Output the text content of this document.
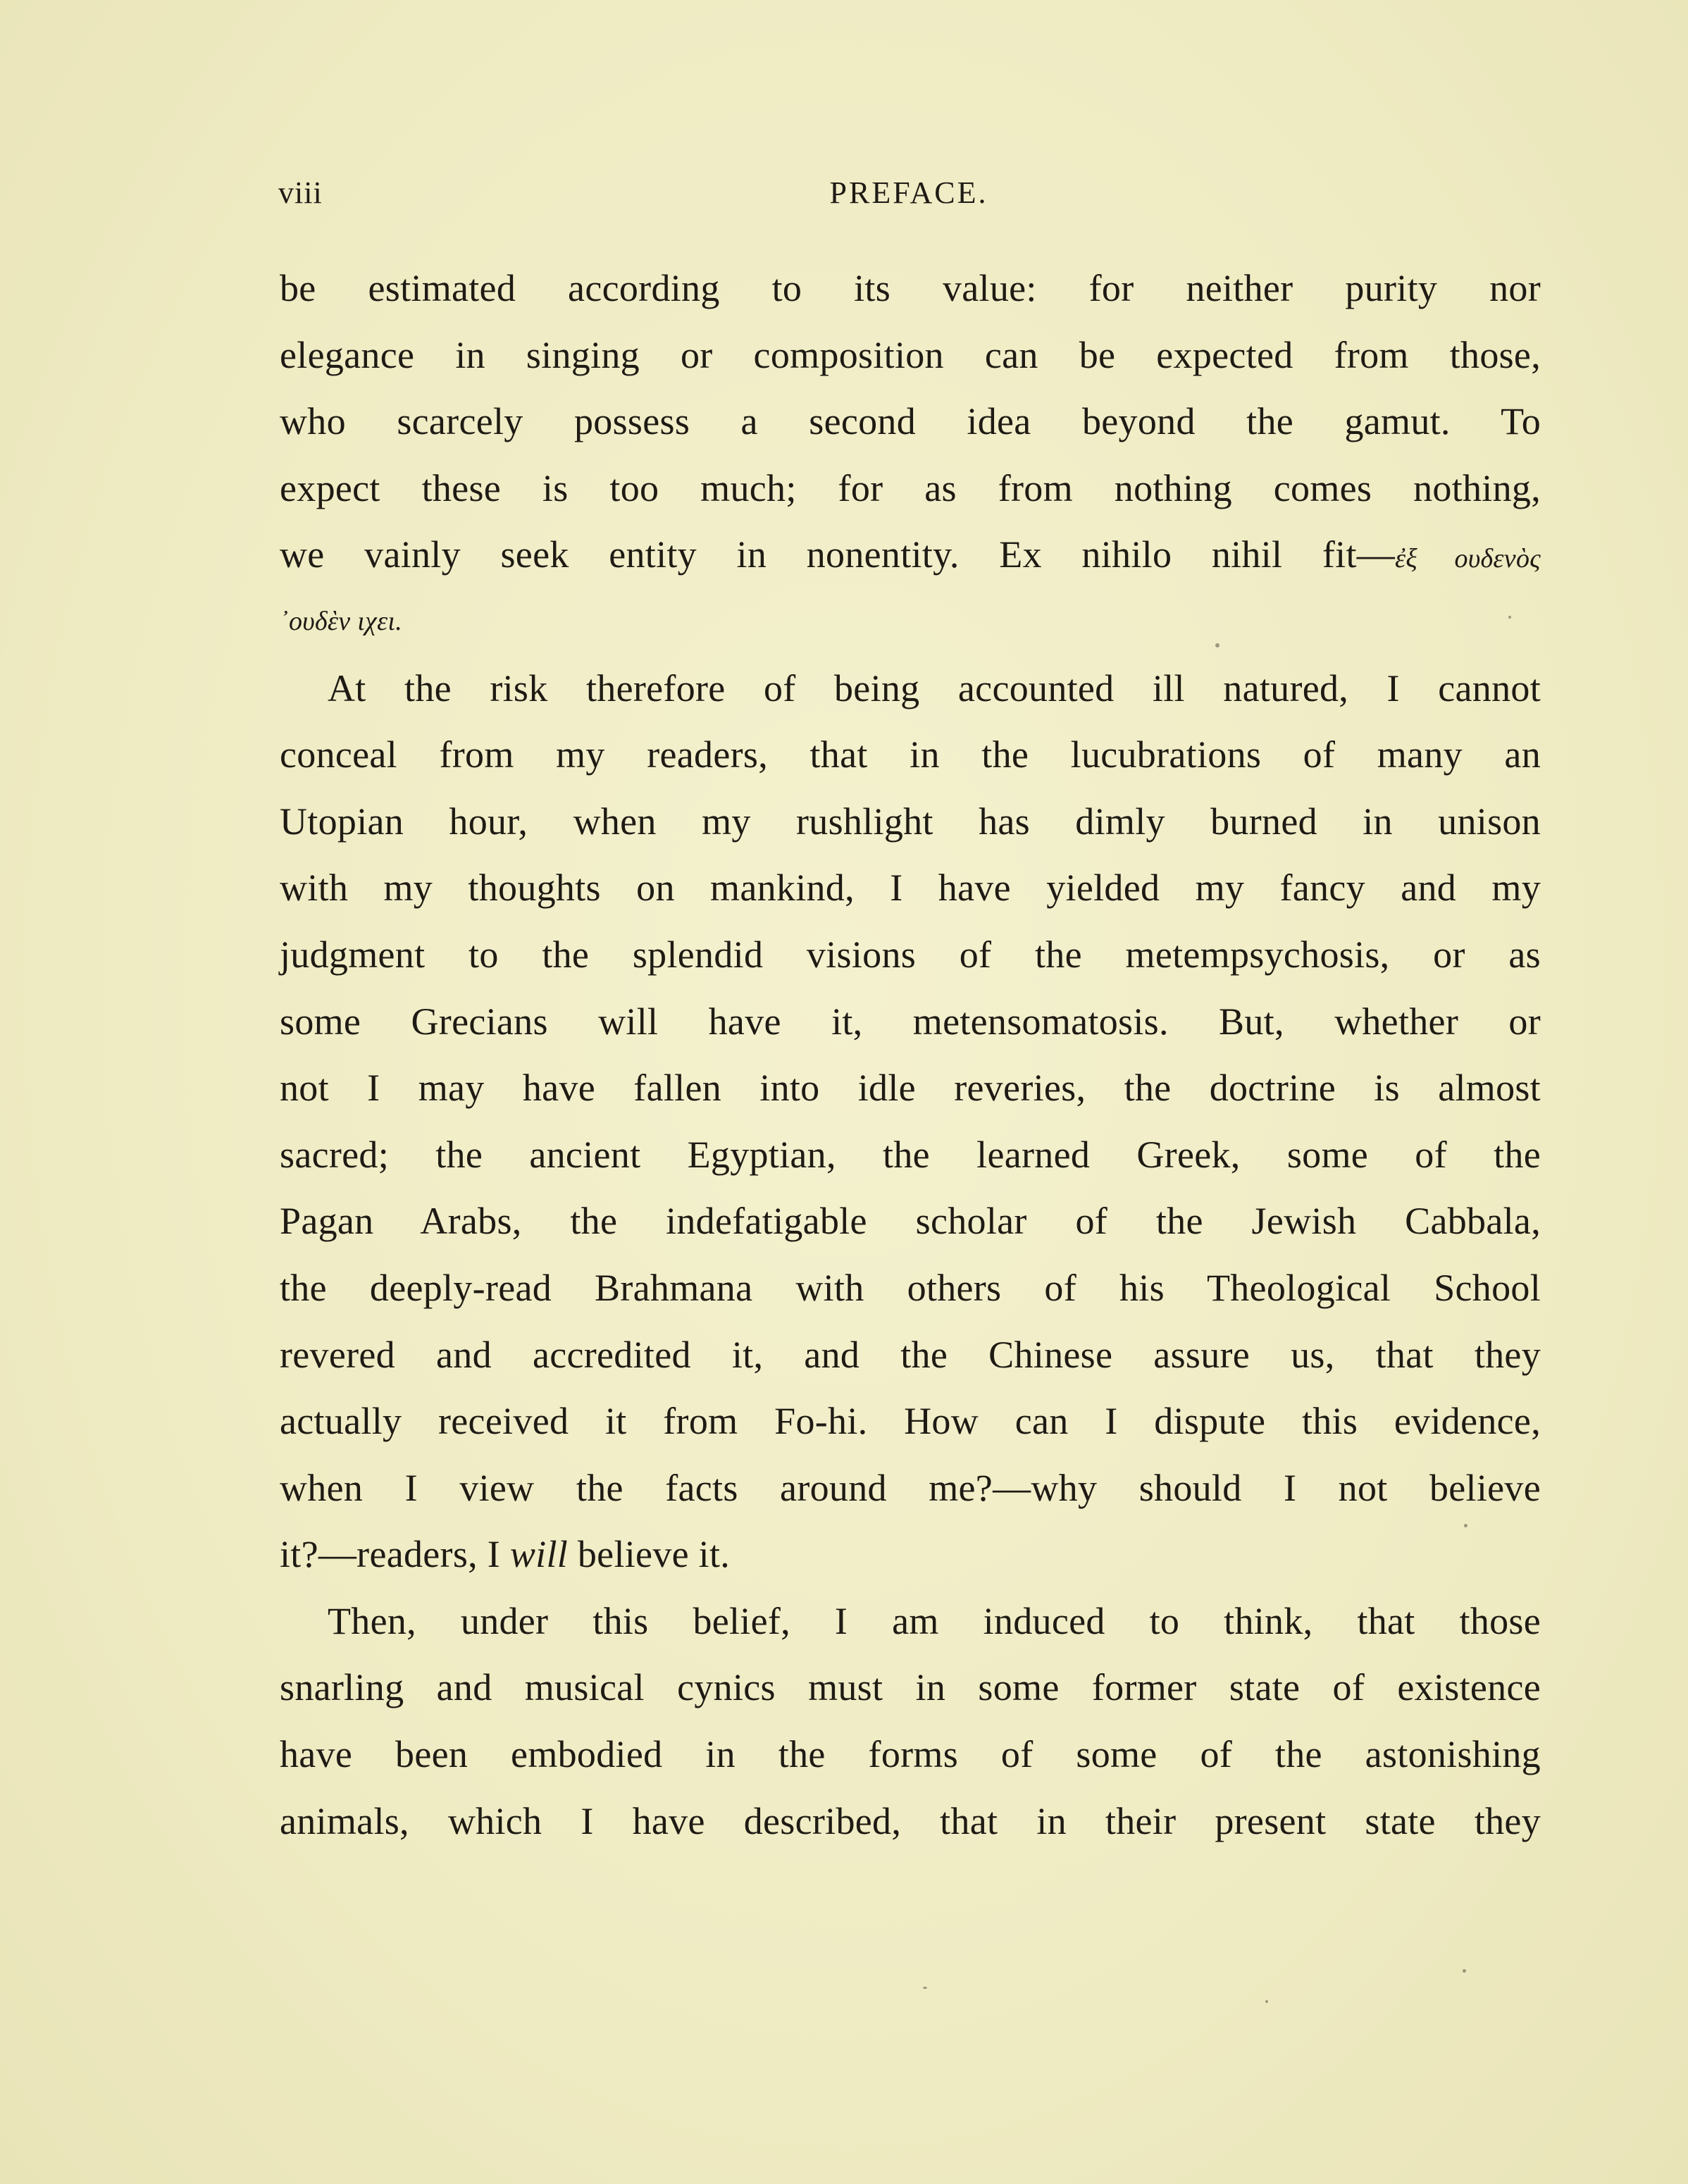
viii	PREFACE.
be estimated according to its value: for neither purity nor
elegance in singing or composition can be expected from those,
who scarcely possess a second idea beyond the gamut. To
expect these is too much; for as from nothing comes nothing,
we vainly seek entity in nonentity. Ex nihilo nihil fit—ἐξ ουδενὸς
᾿ουδὲν ιχει.
At the risk therefore of being accounted ill natured, I cannot
conceal from my readers, that in the lucubrations of many an
Utopian hour, when my rushlight has dimly burned in unison
with my thoughts on mankind, I have yielded my fancy and my
judgment to the splendid visions of the metempsychosis, or as
some Grecians will have it, metensomatosis. But, whether or
not I may have fallen into idle reveries, the doctrine is almost
sacred; the ancient Egyptian, the learned Greek, some of the
Pagan Arabs, the indefatigable scholar of the Jewish Cabbala,
the deeply-read Brahmana with others of his Theological School
revered and accredited it, and the Chinese assure us, that they
actually received it from Fo-hi. How can I dispute this evidence,
when I view the facts around me?—why should I not believe
it?—readers, I will believe it.
Then, under this belief, I am induced to think, that those
snarling and musical cynics must in some former state of existence
have been embodied in the forms of some of the astonishing
animals, which I have described, that in their present state they
